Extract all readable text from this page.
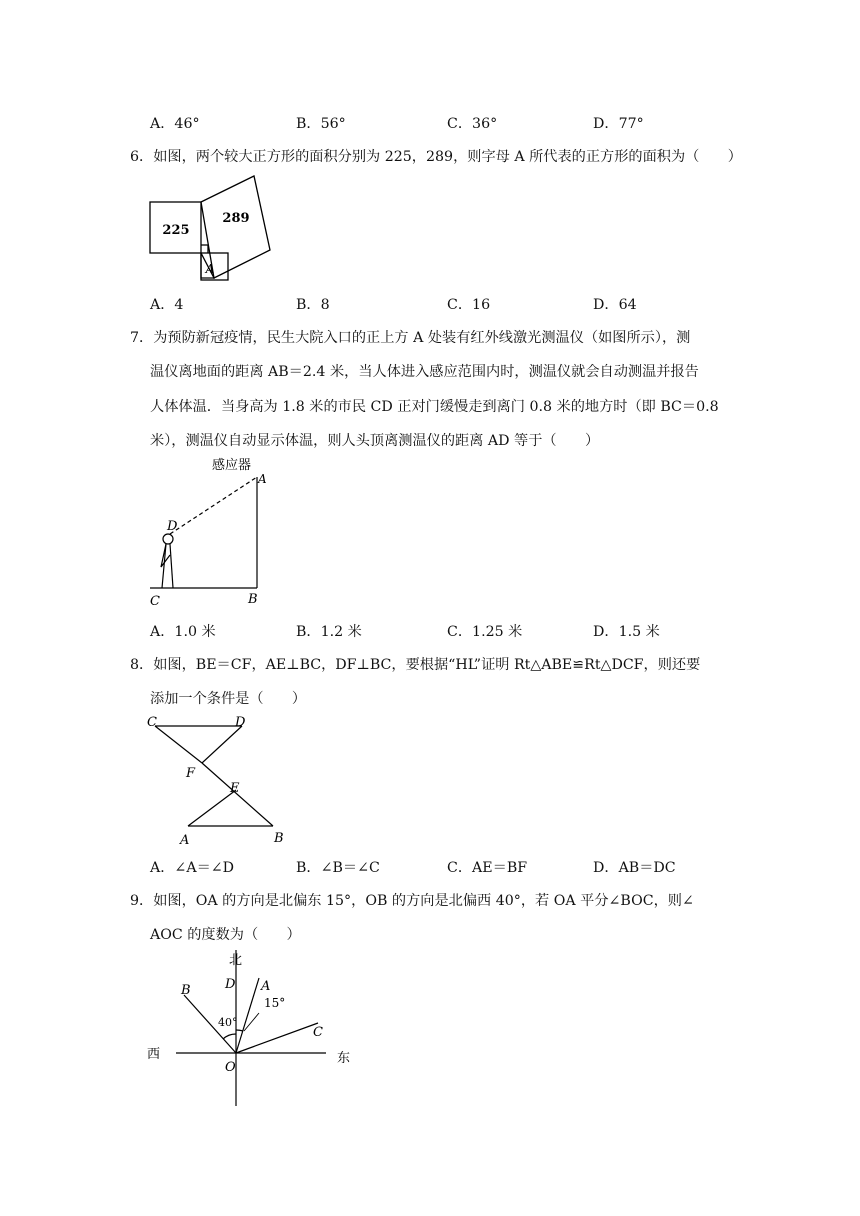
A．46°	B．56°	C．36°	D．77°
6．如图，两个较大正方形的面积分别为 225，289，则字母 A 所代表的正方形的面积为（　　）
225
289
A
A．4	B．8	C．16	D．64
7．为预防新冠疫情，民生大院入口的正上方 A 处装有红外线激光测温仪（如图所示），测
温仪离地面的距离 AB＝2.4 米，当人体进入感应范围内时，测温仪就会自动测温并报告
人体体温．当身高为 1.8 米的市民 CD 正对门缓慢走到离门 0.8 米的地方时（即 BC＝0.8
米），测温仪自动显示体温，则人头顶离测温仪的距离 AD 等于（　　）
感应器
A
B
C
D
A．1.0 米	B．1.2 米	C．1.25 米	D．1.5 米
8．如图，BE＝CF，AE⊥BC，DF⊥BC，要根据“HL”证明 Rt△ABE≌Rt△DCF，则还要
添加一个条件是（　　）
C	D
F
E
A	B
A．∠A＝∠D	B．∠B＝∠C	C．AE＝BF	D．AB＝DC
9．如图，OA 的方向是北偏东 15°，OB 的方向是北偏西 40°，若 OA 平分∠BOC，则∠
AOC 的度数为（　　）
北
西	东
A
B
C
D
O
15°
40°
